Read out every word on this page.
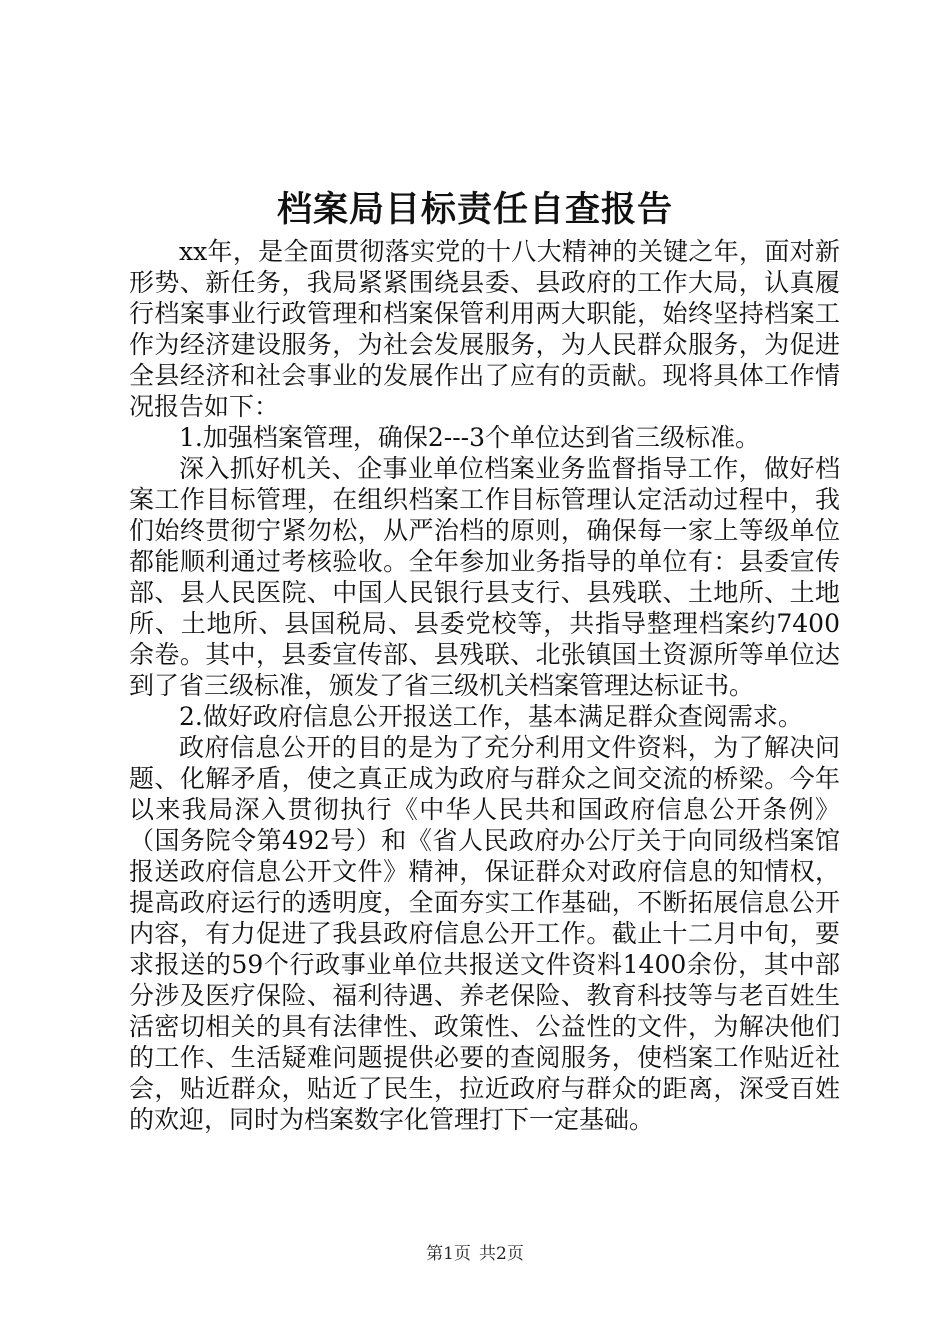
档案局目标责任自查报告

xx年，是全面贯彻落实党的十八大精神的关键之年，面对新形势、新任务，我局紧紧围绕县委、县政府的工作大局，认真履行档案事业行政管理和档案保管利用两大职能，始终坚持档案工作为经济建设服务，为社会发展服务，为人民群众服务，为促进全县经济和社会事业的发展作出了应有的贡献。现将具体工作情况报告如下：

1.加强档案管理，确保2---3个单位达到省三级标准。

深入抓好机关、企事业单位档案业务监督指导工作，做好档案工作目标管理，在组织档案工作目标管理认定活动过程中，我们始终贯彻宁紧勿松，从严治档的原则，确保每一家上等级单位都能顺利通过考核验收。全年参加业务指导的单位有：县委宣传部、县人民医院、中国人民银行县支行、县残联、土地所、土地所、土地所、县国税局、县委党校等，共指导整理档案约7400余卷。其中，县委宣传部、县残联、北张镇国土资源所等单位达到了省三级标准，颁发了省三级机关档案管理达标证书。

2.做好政府信息公开报送工作，基本满足群众查阅需求。

政府信息公开的目的是为了充分利用文件资料，为了解决问题、化解矛盾，使之真正成为政府与群众之间交流的桥梁。今年以来我局深入贯彻执行《中华人民共和国政府信息公开条例》（国务院令第492号）和《省人民政府办公厅关于向同级档案馆报送政府信息公开文件》精神，保证群众对政府信息的知情权，提高政府运行的透明度，全面夯实工作基础，不断拓展信息公开内容，有力促进了我县政府信息公开工作。截止十二月中旬，要求报送的59个行政事业单位共报送文件资料1400余份，其中部分涉及医疗保险、福利待遇、养老保险、教育科技等与老百姓生活密切相关的具有法律性、政策性、公益性的文件，为解决他们的工作、生活疑难问题提供必要的查阅服务，使档案工作贴近社会，贴近群众，贴近了民生，拉近政府与群众的距离，深受百姓的欢迎，同时为档案数字化管理打下一定基础。

第1页 共2页
